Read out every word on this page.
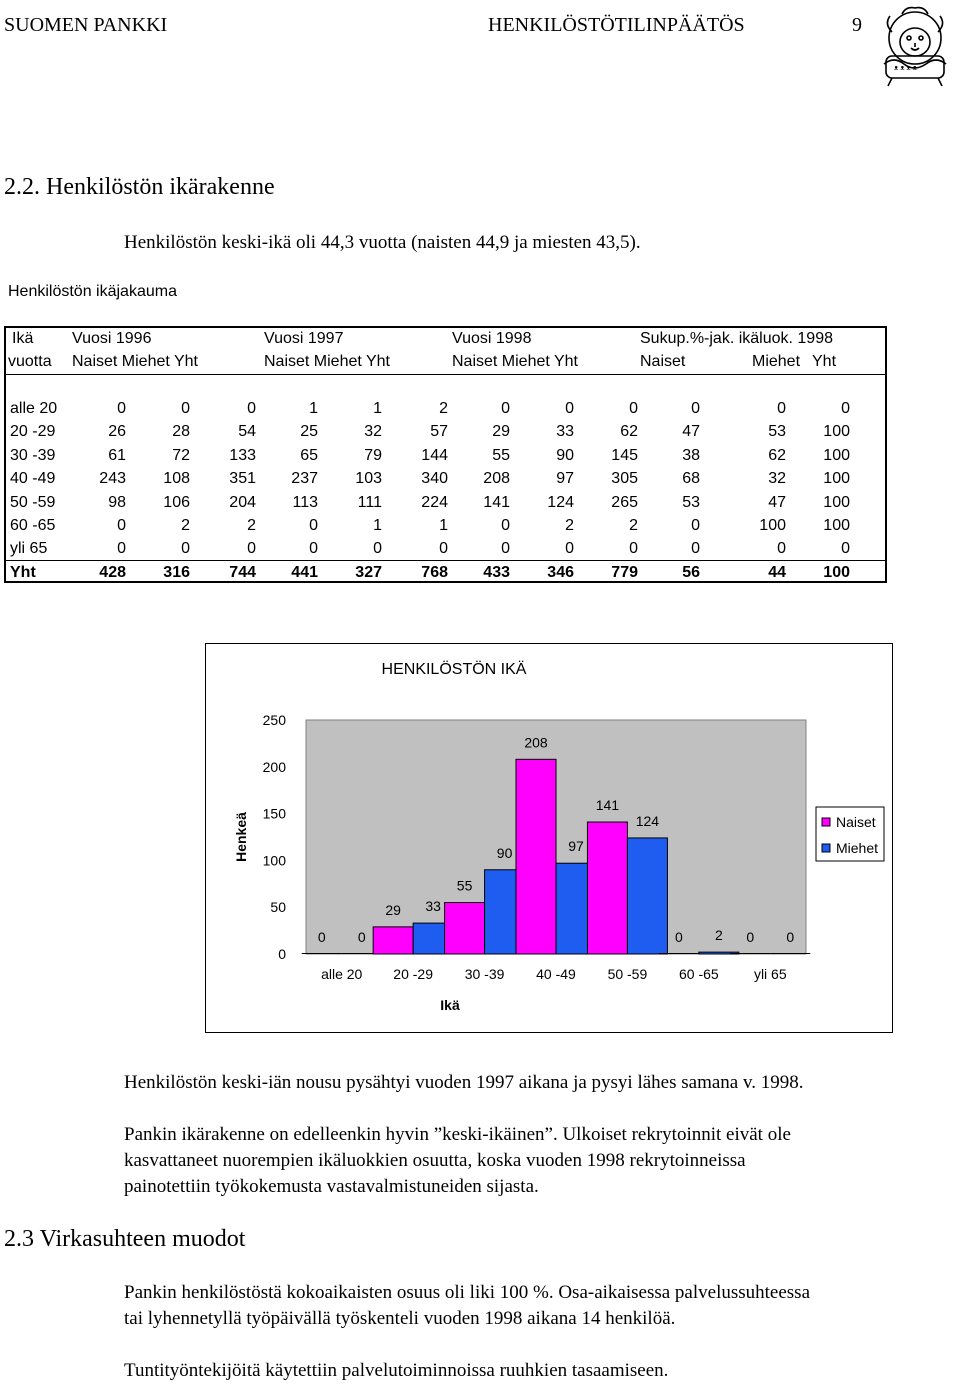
SUOMEN PANKKI	HENKILÖSTÖTILINPÄÄTÖS	9
ᴥ ᴥ ᴥ ᴥ
2.2. Henkilöstön ikärakenne
Henkilöstön keski-ikä oli 44,3 vuotta (naisten 44,9 ja miesten 43,5).
Henkilöstön ikäjakauma
Ikä Vuosi 1996	Vuosi 1997	Vuosi 1998	Sukup.%-jak. ikäluok. 1998
vuotta Naiset Miehet Yht	Naiset Miehet Yht	Naiset Miehet Yht	Naiset	Miehet Yht
alle 20	0	0	0	1	1	2	0	0	0	0	0	0
20 -29	26	28	54	25	32	57	29	33	62	47	53 100
30 -39	61	72 133	65	79 144	55	90 145	38	62 100
40 -49	243 108 351 237 103 340 208	97 305	68	32 100
50 -59	98 106 204 113 111 224 141 124 265	53	47 100
60 -65	0	2	2	0	1	1	0	2	2	0	100 100
yli 65	0	0	0	0	0	0	0	0	0	0	0	0
Yht	428 316 744 441 327 768 433 346 779	56	44 100
HENKILÖSTÖN IKÄ
0
50
100
150
200
250
Henkeä
0 0
alle 20
29 33
20 -29
55
90
30 -39
208
97
40 -49
141
124
50 -59
0 2
60 -65
0 0
yli 65
Ikä
Naiset
Miehet
Henkilöstön keski-iän nousu pysähtyi vuoden 1997 aikana ja pysyi lähes samana v. 1998.
Pankin ikärakenne on edelleenkin hyvin ”keski-ikäinen”. Ulkoiset rekrytoinnit eivät ole
kasvattaneet nuorempien ikäluokkien osuutta, koska vuoden 1998 rekrytoinneissa
painotettiin työkokemusta vastavalmistuneiden sijasta.
2.3 Virkasuhteen muodot
Pankin henkilöstöstä kokoaikaisten osuus oli liki 100 %. Osa-aikaisessa palvelussuhteessa
tai lyhennetyllä työpäivällä työskenteli vuoden 1998 aikana 14 henkilöä.
Tuntityöntekijöitä käytettiin palvelutoiminnoissa ruuhkien tasaamiseen.
